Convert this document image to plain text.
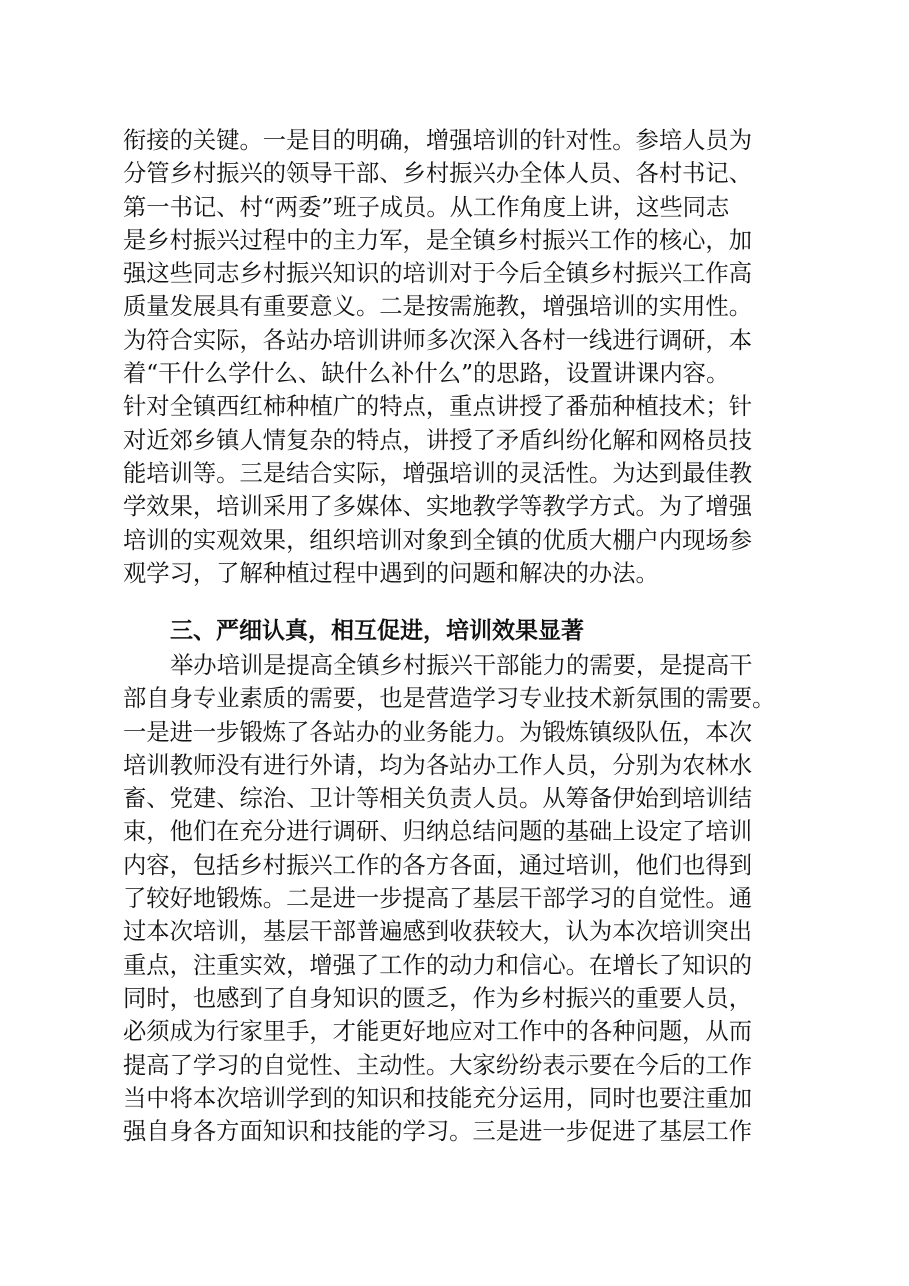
衔接的关键。一是目的明确，增强培训的针对性。参培人员为
分管乡村振兴的领导干部、乡村振兴办全体人员、各村书记、
第一书记、村“两委”班子成员。从工作角度上讲，这些同志
是乡村振兴过程中的主力军，是全镇乡村振兴工作的核心，加
强这些同志乡村振兴知识的培训对于今后全镇乡村振兴工作高
质量发展具有重要意义。二是按需施教，增强培训的实用性。
为符合实际，各站办培训讲师多次深入各村一线进行调研，本
着“干什么学什么、缺什么补什么”的思路，设置讲课内容。
针对全镇西红柿种植广的特点，重点讲授了番茄种植技术；针
对近郊乡镇人情复杂的特点，讲授了矛盾纠纷化解和网格员技
能培训等。三是结合实际，增强培训的灵活性。为达到最佳教
学效果，培训采用了多媒体、实地教学等教学方式。为了增强
培训的实观效果，组织培训对象到全镇的优质大棚户内现场参
观学习，了解种植过程中遇到的问题和解决的办法。
三、严细认真，相互促进，培训效果显著
举办培训是提高全镇乡村振兴干部能力的需要，是提高干
部自身专业素质的需要，也是营造学习专业技术新氛围的需要。
一是进一步锻炼了各站办的业务能力。为锻炼镇级队伍，本次
培训教师没有进行外请，均为各站办工作人员，分别为农林水
畜、党建、综治、卫计等相关负责人员。从筹备伊始到培训结
束，他们在充分进行调研、归纳总结问题的基础上设定了培训
内容，包括乡村振兴工作的各方各面，通过培训，他们也得到
了较好地锻炼。二是进一步提高了基层干部学习的自觉性。通
过本次培训，基层干部普遍感到收获较大，认为本次培训突出
重点，注重实效，增强了工作的动力和信心。在增长了知识的
同时，也感到了自身知识的匮乏，作为乡村振兴的重要人员，
必须成为行家里手，才能更好地应对工作中的各种问题，从而
提高了学习的自觉性、主动性。大家纷纷表示要在今后的工作
当中将本次培训学到的知识和技能充分运用，同时也要注重加
强自身各方面知识和技能的学习。三是进一步促进了基层工作
